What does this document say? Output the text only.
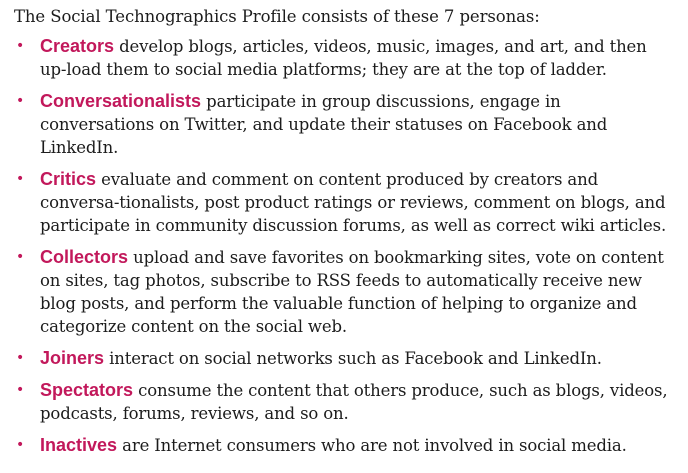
The Social Technographics Profile consists of these 7 personas:

• Creators develop blogs, articles, videos, music, images, and art, and then up-load them to social media platforms; they are at the top of ladder.
• Conversationalists participate in group discussions, engage in conversations on Twitter, and update their statuses on Facebook and LinkedIn.
• Critics evaluate and comment on content produced by creators and conversa-tionalists, post product ratings or reviews, comment on blogs, and participate in community discussion forums, as well as correct wiki articles.
• Collectors upload and save favorites on bookmarking sites, vote on content on sites, tag photos, subscribe to RSS feeds to automatically receive new blog posts, and perform the valuable function of helping to organize and categorize content on the social web.
• Joiners interact on social networks such as Facebook and LinkedIn.
• Spectators consume the content that others produce, such as blogs, videos, podcasts, forums, reviews, and so on.
• Inactives are Internet consumers who are not involved in social media.
